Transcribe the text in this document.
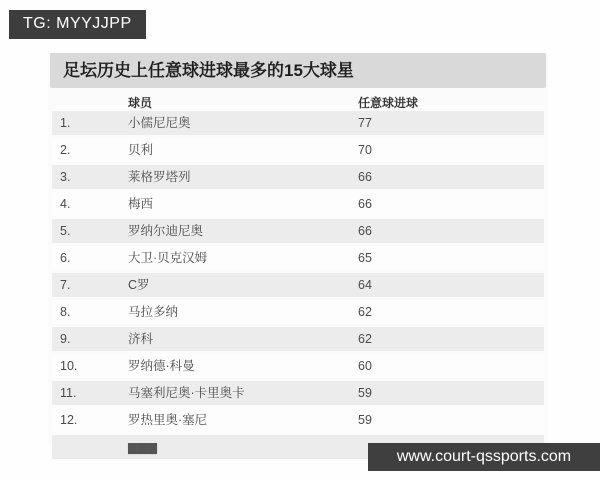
TG: MYYJJPP
足坛历史上任意球进球最多的15大球星
球员	任意球进球
1.	小儒尼尼奥	77
2.	贝利	70
3.	莱格罗塔列	66
4.	梅西	66
5.	罗纳尔迪尼奥	66
6.	大卫·贝克汉姆	65
7.	C罗	64
8.	马拉多纳	62
9.	济科	62
10.	罗纳德·科曼	60
11.	马塞利尼奥·卡里奥卡	59
12.	罗热里奥·塞尼	59
▆▆▆
www.court-qssports.com
